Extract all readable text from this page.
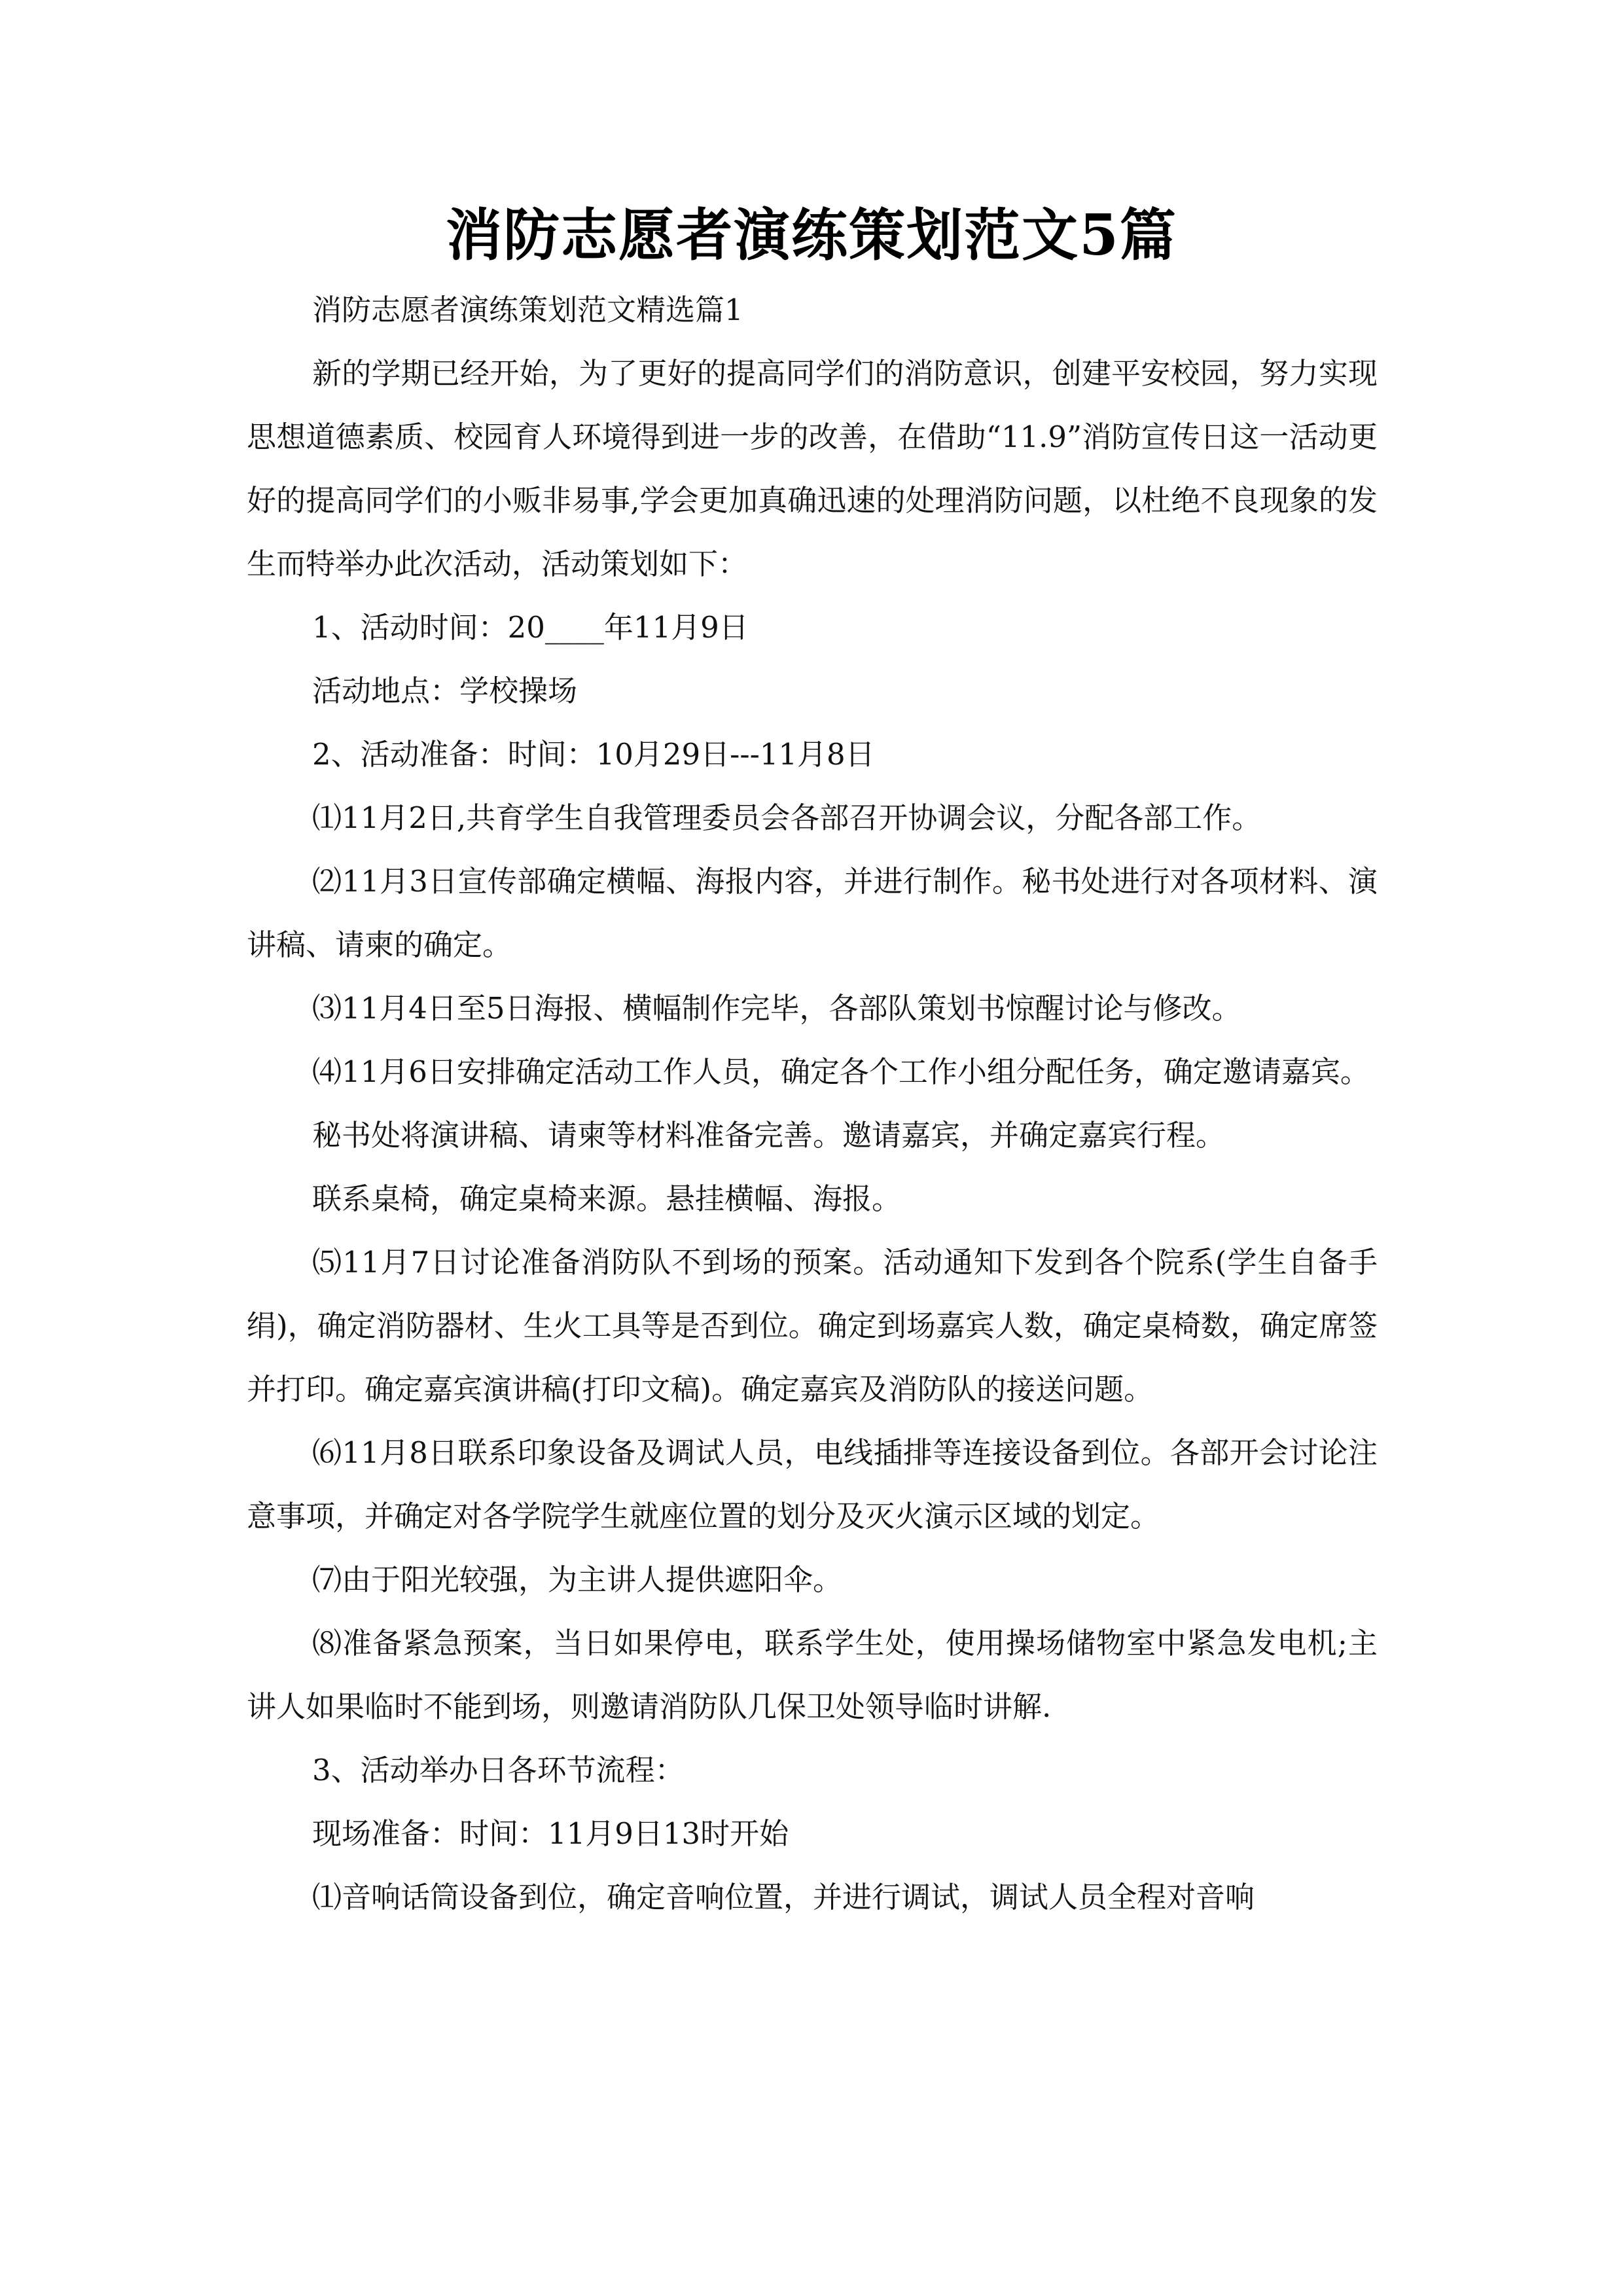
消防志愿者演练策划范文5篇

消防志愿者演练策划范文精选篇1

新的学期已经开始，为了更好的提高同学们的消防意识，创建平安校园，努力实现思想道德素质、校园育人环境得到进一步的改善，在借助“11.9”消防宣传日这一活动更好的提高同学们的小贩非易事,学会更加真确迅速的处理消防问题，以杜绝不良现象的发生而特举办此次活动，活动策划如下：

1、活动时间：20____年11月9日

活动地点：学校操场

2、活动准备：时间：10月29日---11月8日

⑴11月2日,共育学生自我管理委员会各部召开协调会议，分配各部工作。

⑵11月3日宣传部确定横幅、海报内容，并进行制作。秘书处进行对各项材料、演讲稿、请柬的确定。

⑶11月4日至5日海报、横幅制作完毕，各部队策划书惊醒讨论与修改。

⑷11月6日安排确定活动工作人员，确定各个工作小组分配任务，确定邀请嘉宾。

秘书处将演讲稿、请柬等材料准备完善。邀请嘉宾，并确定嘉宾行程。

联系桌椅，确定桌椅来源。悬挂横幅、海报。

⑸11月7日讨论准备消防队不到场的预案。活动通知下发到各个院系(学生自备手绢)，确定消防器材、生火工具等是否到位。确定到场嘉宾人数，确定桌椅数，确定席签并打印。确定嘉宾演讲稿(打印文稿)。确定嘉宾及消防队的接送问题。

⑹11月8日联系印象设备及调试人员，电线插排等连接设备到位。各部开会讨论注意事项，并确定对各学院学生就座位置的划分及灭火演示区域的划定。

⑺由于阳光较强，为主讲人提供遮阳伞。

⑻准备紧急预案，当日如果停电，联系学生处，使用操场储物室中紧急发电机;主讲人如果临时不能到场，则邀请消防队几保卫处领导临时讲解.

3、活动举办日各环节流程：

现场准备：时间：11月9日13时开始

⑴音响话筒设备到位，确定音响位置，并进行调试，调试人员全程对音响
